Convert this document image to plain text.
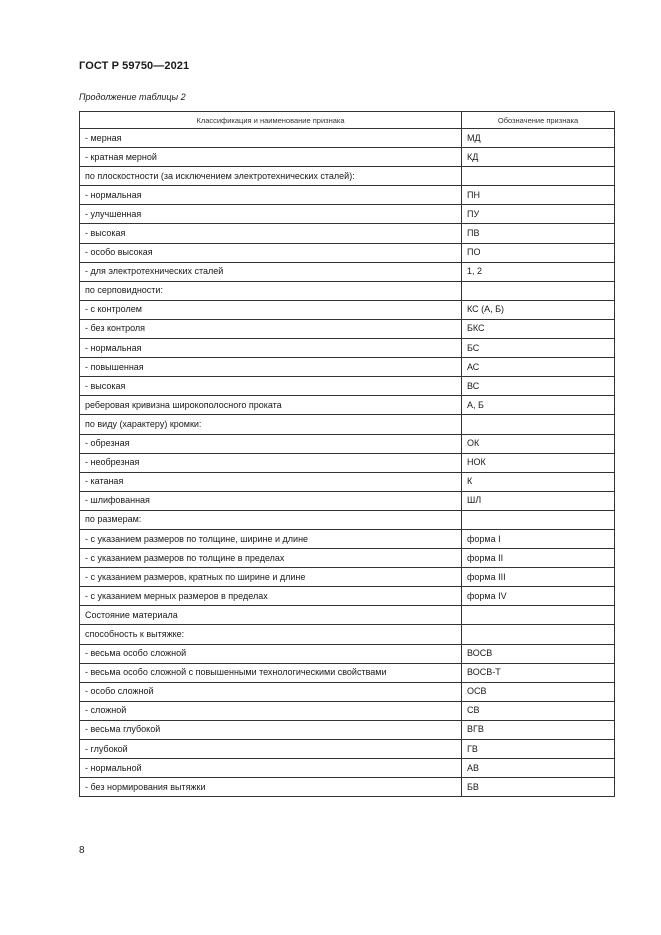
ГОСТ Р 59750—2021
Продолжение таблицы 2
Классификация и наименование признака	Обозначение признака
- мерная	МД
- кратная мерной	КД
по плоскостности (за исключением электротехнических сталей):	
- нормальная	ПН
- улучшенная	ПУ
- высокая	ПВ
- особо высокая	ПО
- для электротехнических сталей	1, 2
по серповидности:	
- с контролем	КС (А, Б)
- без контроля	БКС
- нормальная	БС
- повышенная	АС
- высокая	ВС
реберовая кривизна широкополосного проката	А, Б
по виду (характеру) кромки:	
- обрезная	ОК
- необрезная	НОК
- катаная	К
- шлифованная	ШЛ
по размерам:	
- с указанием размеров по толщине, ширине и длине	форма I
- с указанием размеров по толщине в пределах	форма II
- с указанием размеров, кратных по ширине и длине	форма III
- с указанием мерных размеров в пределах	форма IV
Состояние материала	
способность к вытяжке:	
- весьма особо сложной	ВОСВ
- весьма особо сложной с повышенными технологическими свойствами	ВОСВ-Т
- особо сложной	ОСВ
- сложной	СВ
- весьма глубокой	ВГВ
- глубокой	ГВ
- нормальной	АВ
- без нормирования вытяжки	БВ
8
